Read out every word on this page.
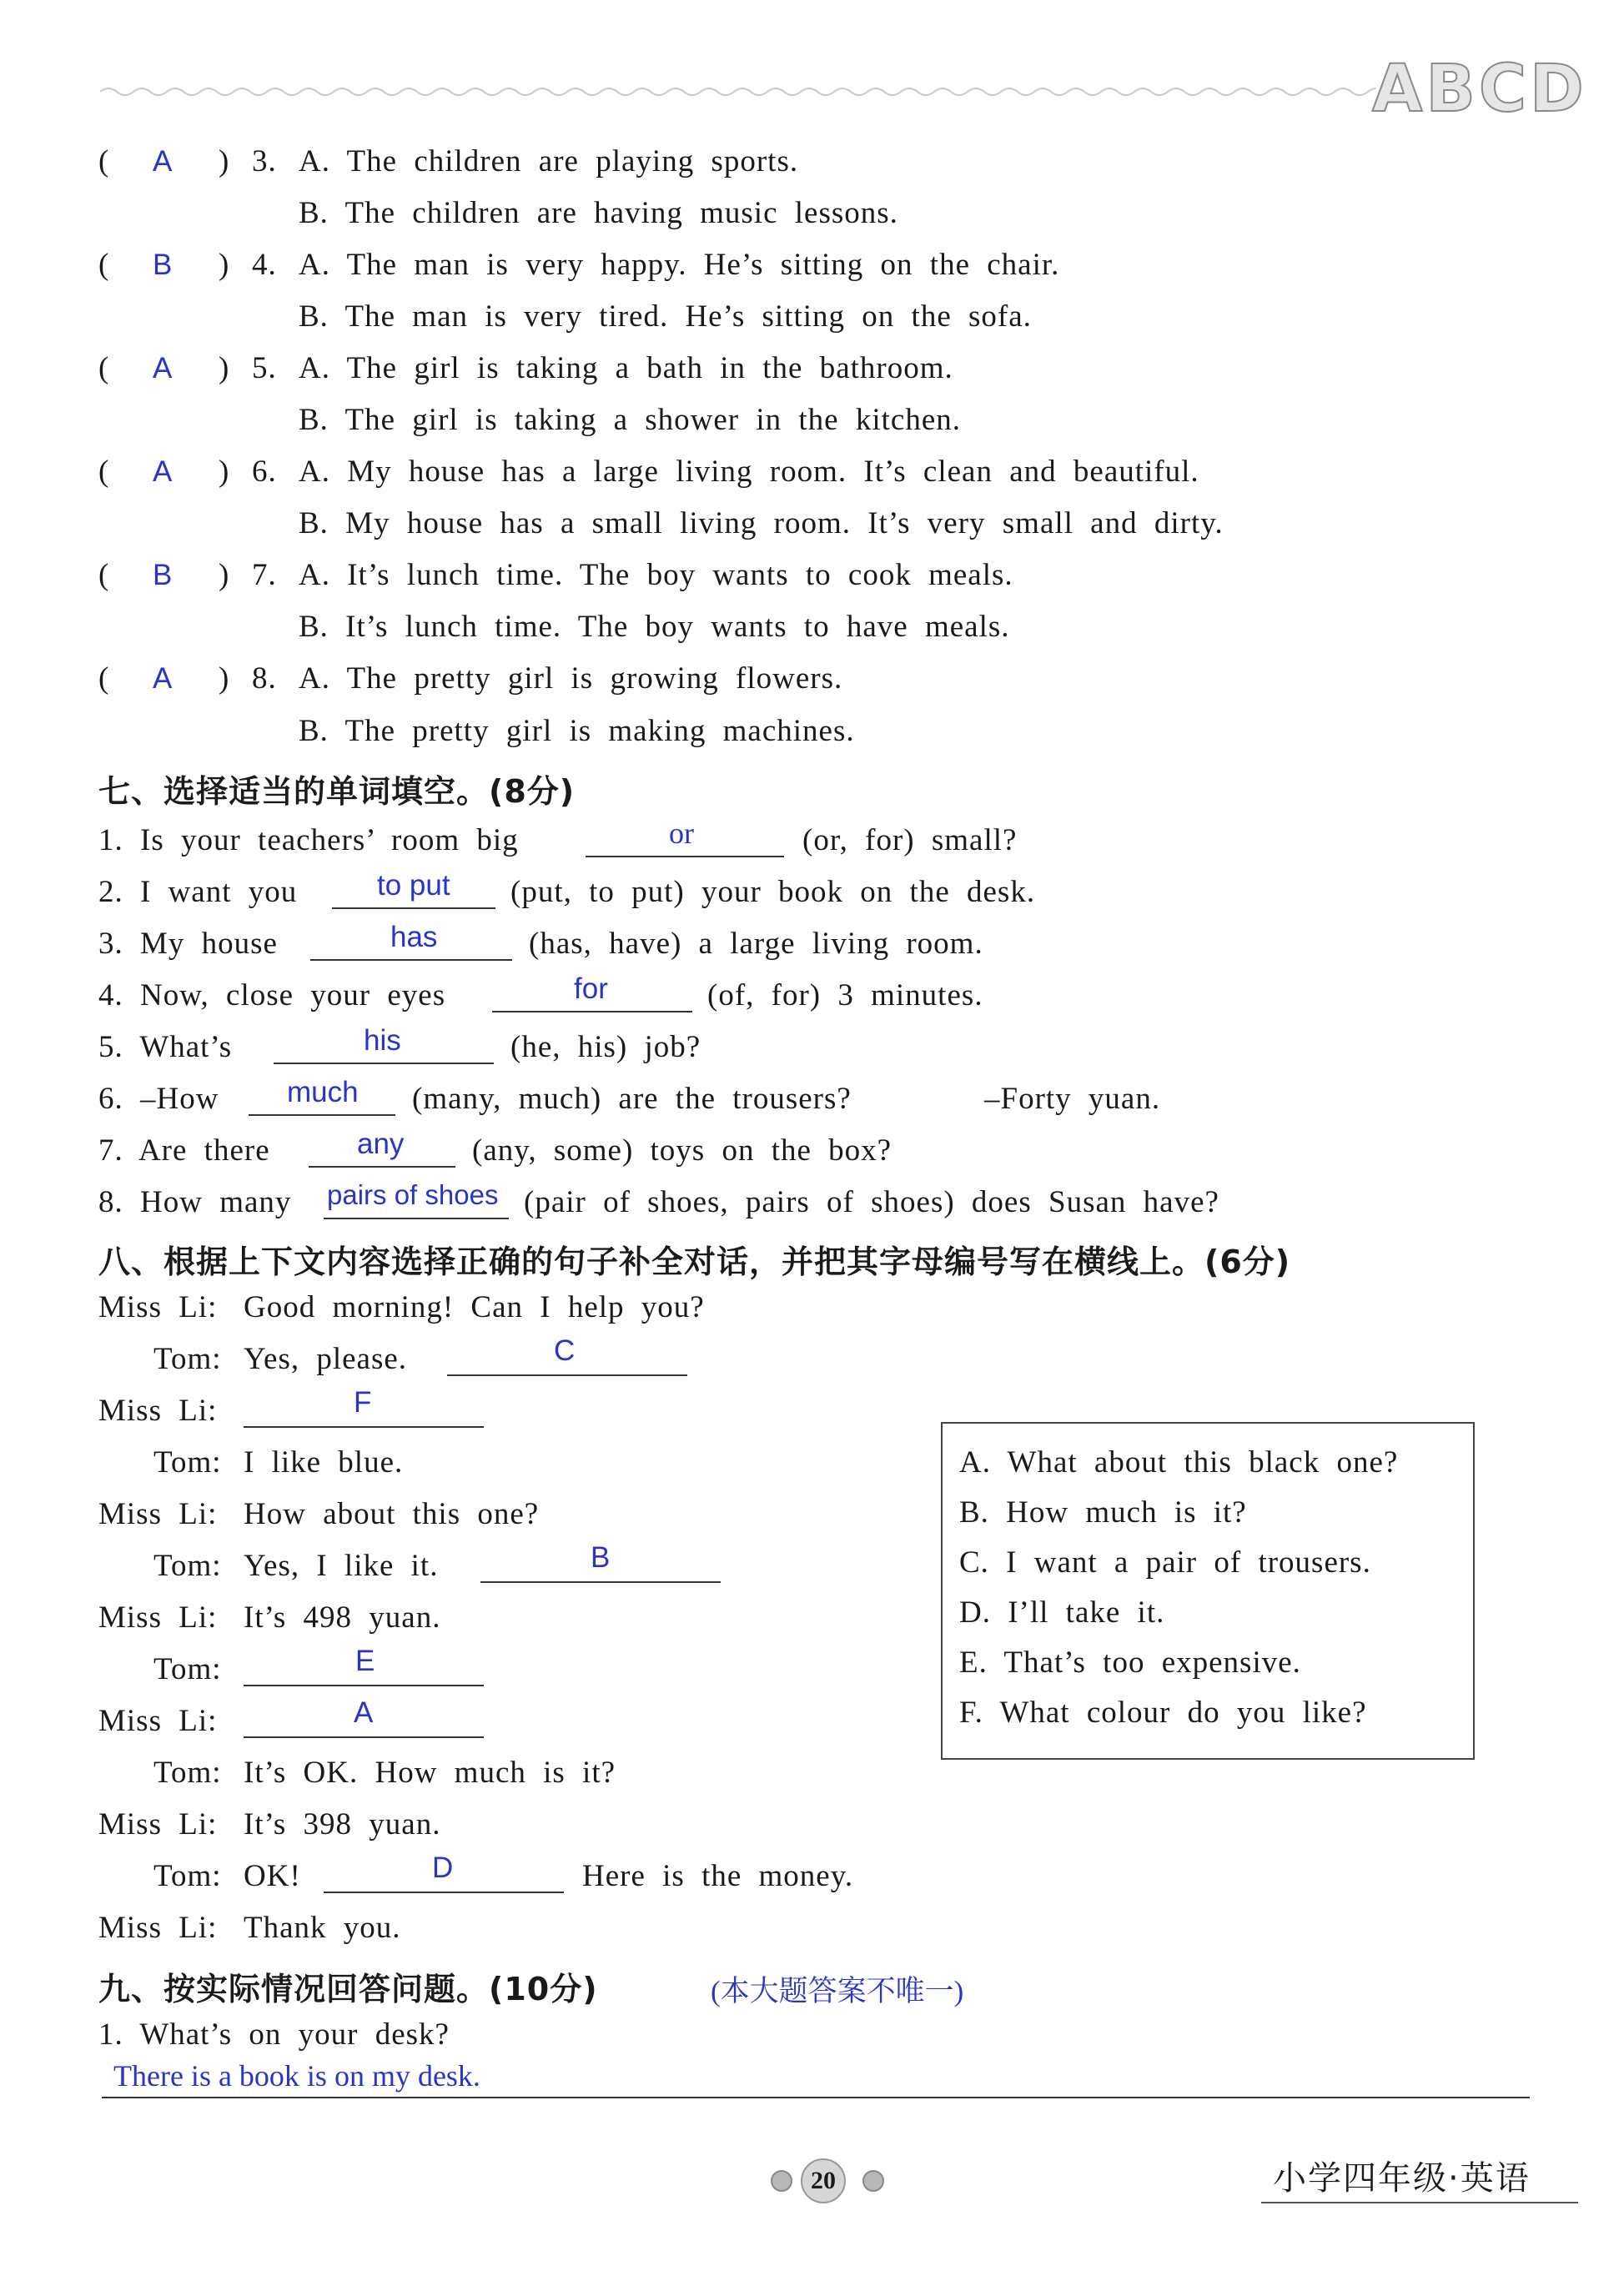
ABCD
( A ) 3. A. The children are playing sports.
B. The children are having music lessons.
( B ) 4. A. The man is very happy. He’s sitting on the chair.
B. The man is very tired. He’s sitting on the sofa.
( A ) 5. A. The girl is taking a bath in the bathroom.
B. The girl is taking a shower in the kitchen.
( A ) 6. A. My house has a large living room. It’s clean and beautiful.
B. My house has a small living room. It’s very small and dirty.
( B ) 7. A. It’s lunch time. The boy wants to cook meals.
B. It’s lunch time. The boy wants to have meals.
( A ) 8. A. The pretty girl is growing flowers.
B. The pretty girl is making machines.
七、选择适当的单词填空。(8分)
1. Is your teachers’ room big	or	(or, for) small?
2. I want you	to put (put, to put) your book on the desk.
3. My house	has	(has, have) a large living room.
4. Now, close your eyes	for	(of, for) 3 minutes.
5. What’s	his	(he, his) job?
6. –How much (many, much) are the trousers?	–Forty yuan.
7. Are there	any (any, some) toys on the box?
8. How many pairs of shoes (pair of shoes, pairs of shoes) does Susan have?
八、根据上下文内容选择正确的句子补全对话，并把其字母编号写在横线上。(6分)
Miss Li: Good morning! Can I help you?
Tom: Yes, please.	C
Miss Li:	F
Tom: I like blue.
Miss Li: How about this one?
Tom: Yes, I like it.	B
Miss Li: It’s 498 yuan.
Tom:	E
Miss Li:	A
Tom: It’s OK. How much is it?
Miss Li: It’s 398 yuan.
Tom: OK!	D	Here is the money.
Miss Li: Thank you.
A. What about this black one?
B. How much is it?
C. I want a pair of trousers.
D. I’ll take it.
E. That’s too expensive.
F. What colour do you like?
九、按实际情况回答问题。(10分)	(本大题答案不唯一)
1. What’s on your desk?
There is a book is on my desk.
20	小学四年级·英语
